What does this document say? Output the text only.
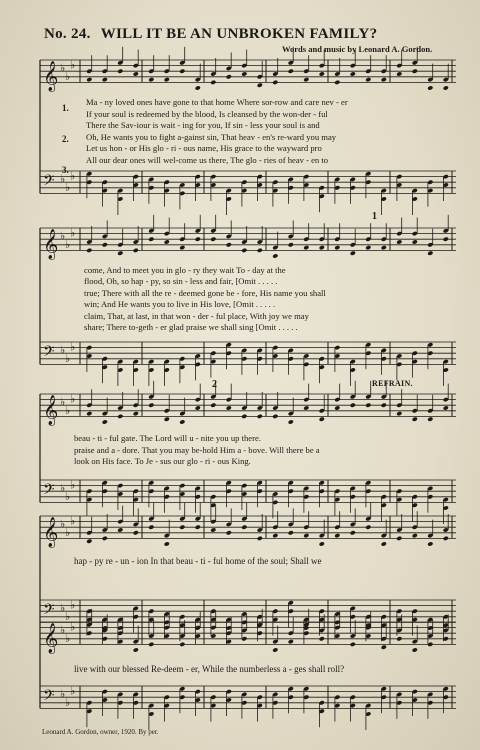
No. 24. WILL IT BE AN UNBROKEN FAMILY?
Words and music by Leonard A. Gordon.
𝄞 ♭
♭
♭
𝄢 ♭
♭
♭
𝄞 ♭
♭
♭
𝄢 ♭
♭
♭
𝄞 ♭
♭
♭
𝄢 ♭
♭
♭
𝄞 ♭
♭
♭
𝄢 ♭
♭
♭
𝄞 ♭
♭
♭
𝄢 ♭
♭
♭
1.
2.
3.
Ma - ny loved ones have gone to that home Where sor-row and care nev - er
If your soul is redeemed by the blood, Is cleansed by the won-der - ful
There the Sav-iour is wait - ing for you, If sin - less your soul is and
Oh, He wants you to fight a-gainst sin, That heav - en's re-ward you may
Let us hon - or His glo - ri - ous name, His grace to the wayward pro
All our dear ones will wel-come us there, The glo - ries of heav - en to
1
come, And to meet you in glo - ry they wait To - day at the
flood, Oh, so hap - py, so sin - less and fair, [Omit . . . . .
true; There with all the re - deemed gone be - fore, His name you shall
win; And He wants you to live in His love, [Omit . . . . .
claim, That, at last, in that won - der - ful place, With joy we may
share; There to-geth - er glad praise we shall sing [Omit . . . . .
2	REFRAIN.
beau - ti - ful gate. The Lord will u - nite you up there.
praise and a - dore. That you may be-hold Him a - bove. Will there be a
look on His face. To Je - sus our glo - ri - ous King.
hap - py re - un - ion In that beau - ti - ful home of the soul; Shall we
live with our blessed Re-deem - er, While the numberless a - ges shall roll?
Leonard A. Gordon, owner, 1920. By per.
